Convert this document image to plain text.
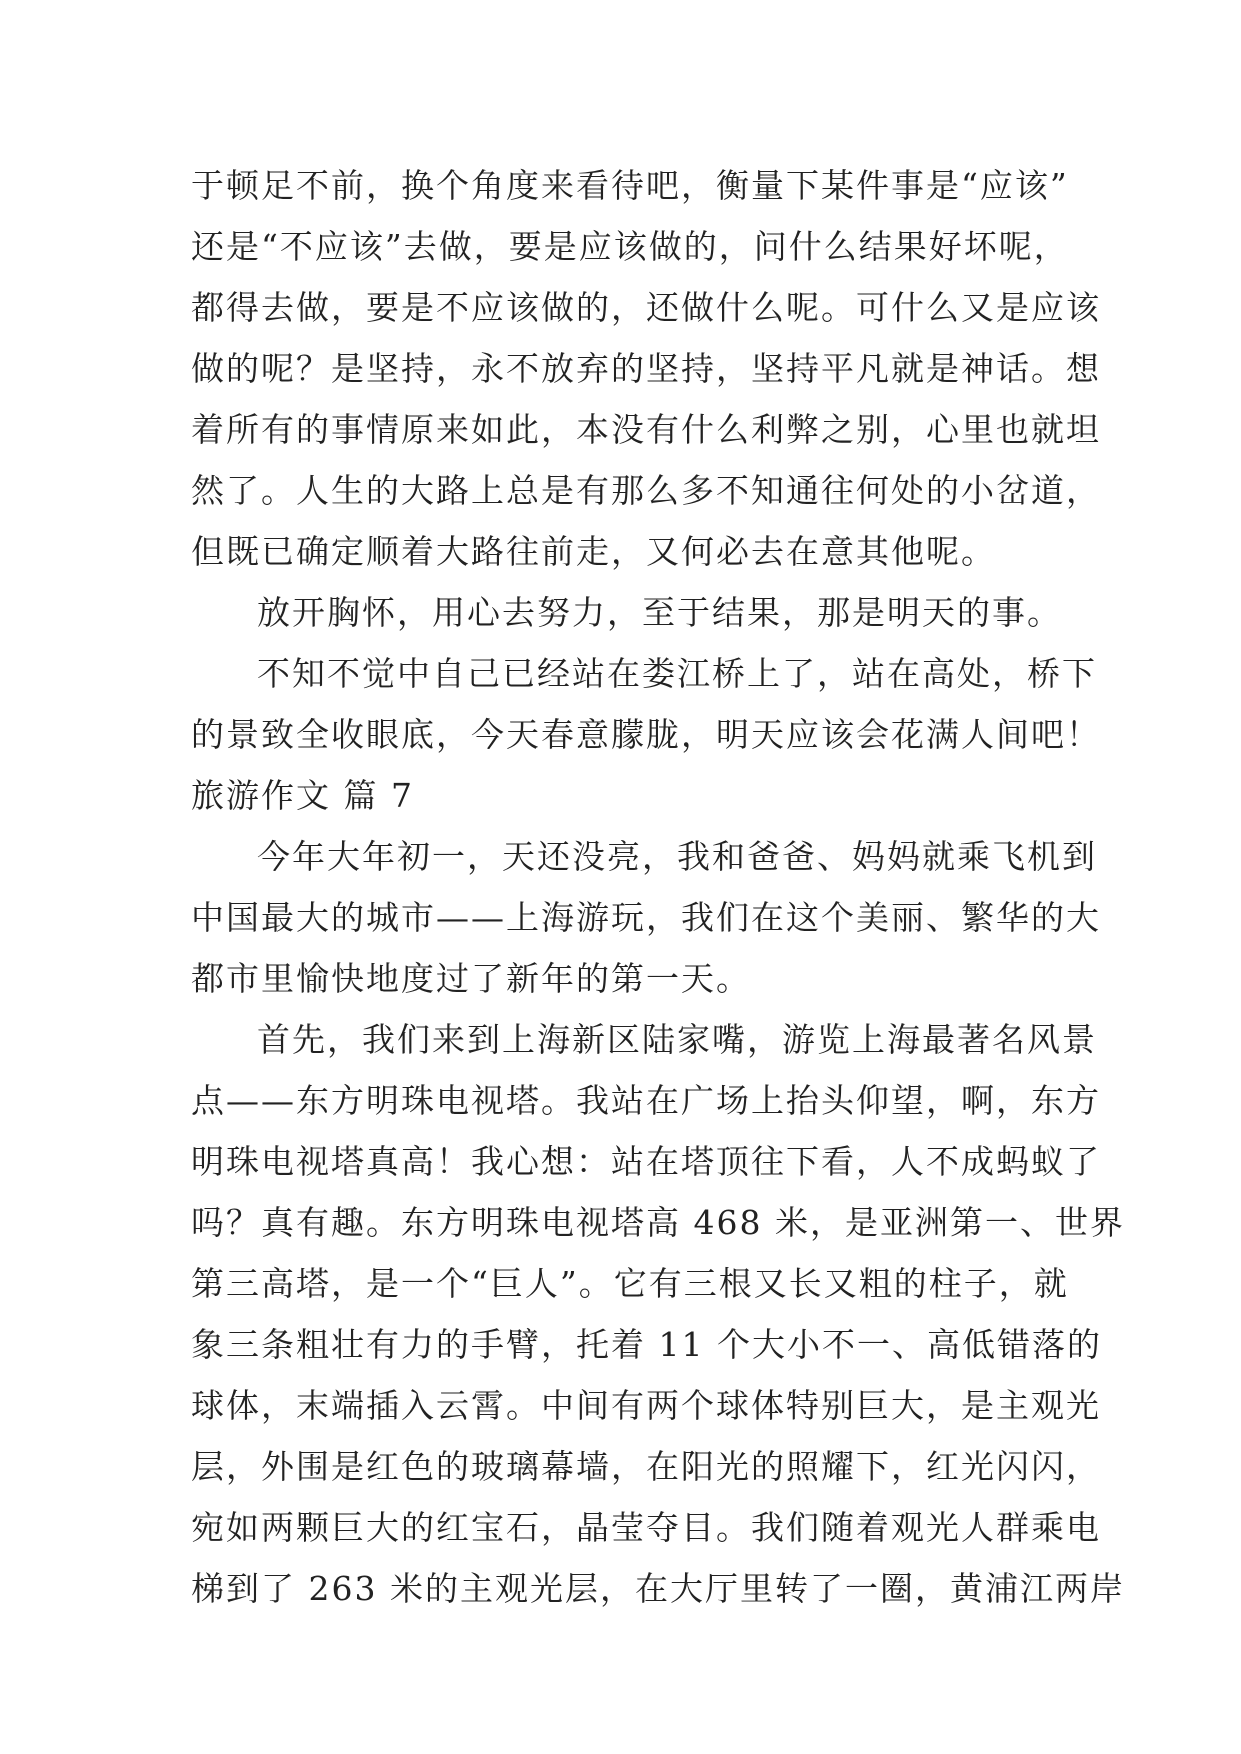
于顿足不前，换个角度来看待吧，衡量下某件事是“应该”
还是“不应该”去做，要是应该做的，问什么结果好坏呢，
都得去做，要是不应该做的，还做什么呢。可什么又是应该
做的呢？是坚持，永不放弃的坚持，坚持平凡就是神话。想
着所有的事情原来如此，本没有什么利弊之别，心里也就坦
然了。人生的大路上总是有那么多不知通往何处的小岔道，
但既已确定顺着大路往前走，又何必去在意其他呢。
放开胸怀，用心去努力，至于结果，那是明天的事。
不知不觉中自己已经站在娄江桥上了，站在高处，桥下
的景致全收眼底，今天春意朦胧，明天应该会花满人间吧！
旅游作文 篇 7
今年大年初一，天还没亮，我和爸爸、妈妈就乘飞机到
中国最大的城市——上海游玩，我们在这个美丽、繁华的大
都市里愉快地度过了新年的第一天。
首先，我们来到上海新区陆家嘴，游览上海最著名风景
点——东方明珠电视塔。我站在广场上抬头仰望，啊，东方
明珠电视塔真高！我心想：站在塔顶往下看，人不成蚂蚁了
吗？真有趣。东方明珠电视塔高 468 米，是亚洲第一、世界
第三高塔，是一个“巨人”。它有三根又长又粗的柱子，就
象三条粗壮有力的手臂，托着 11 个大小不一、高低错落的
球体，末端插入云霄。中间有两个球体特别巨大，是主观光
层，外围是红色的玻璃幕墙，在阳光的照耀下，红光闪闪，
宛如两颗巨大的红宝石，晶莹夺目。我们随着观光人群乘电
梯到了 263 米的主观光层，在大厅里转了一圈，黄浦江两岸
